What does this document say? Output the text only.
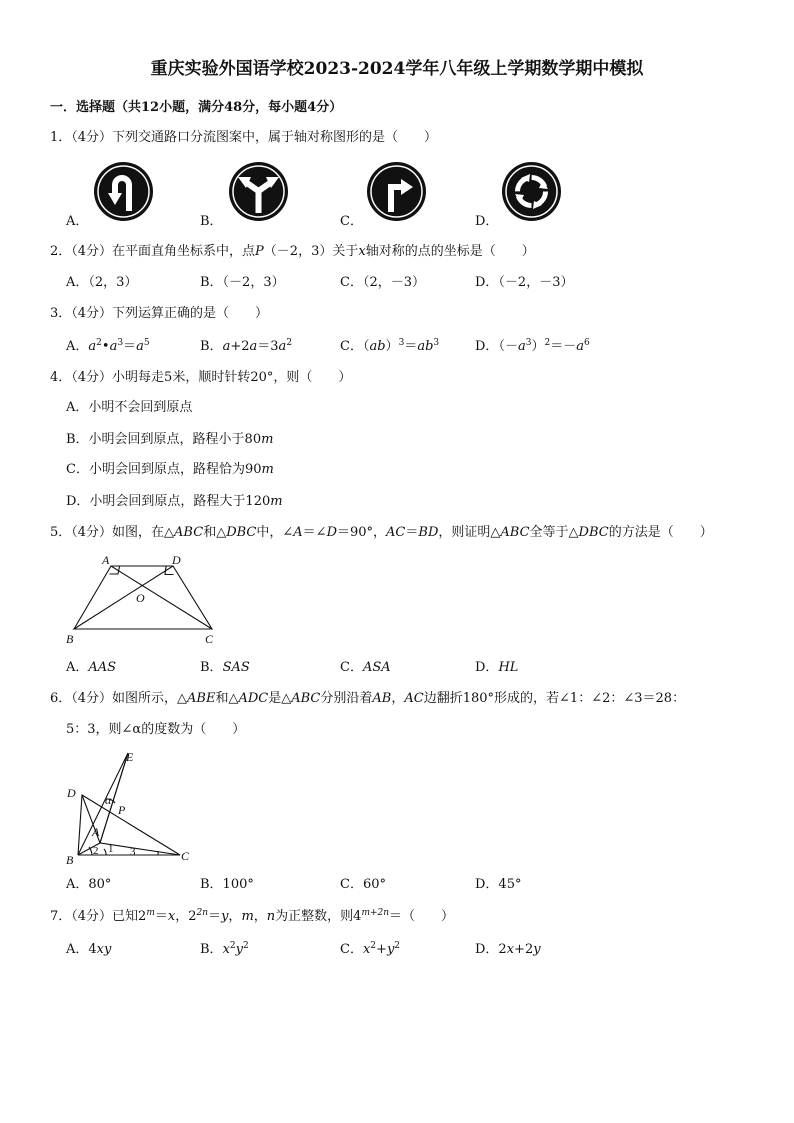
重庆实验外国语学校2023-2024学年八年级上学期数学期中模拟
一．选择题（共12小题，满分48分，每小题4分）
1．（4分）下列交通路口分流图案中，属于轴对称图形的是（　　）
A．	B．	C．	D．
2．（4分）在平面直角坐标系中，点P（－2，3）关于x轴对称的点的坐标是（　　）
A．（2，3）	B．（－2，3）	C．（2，－3）	D．（－2，－3）
3．（4分）下列运算正确的是（　　）
A．$a^2•a^3=a^5$	B．$a+2a=3a^2$	C．$(ab)^3=ab^3$	D．$(-a^3)^2=-a^6$
4．（4分）小明每走5米，顺时针转20°，则（　　）
A．小明不会回到原点
B．小明会回到原点，路程小于80m
C．小明会回到原点，路程恰为90m
D．小明会回到原点，路程大于120m
5．（4分）如图，在△ABC和△DBC中，∠A＝∠D＝90°，AC＝BD，则证明△ABC全等于△DBC的方法是（　　）
A	D
O
B	C
A．AAS	B．SAS	C．ASA	D．HL
6．（4分）如图所示，△ABE和△ADC是△ABC分别沿着AB，AC边翻折180°形成的，若∠1：∠2：∠3＝28：
5：3，则∠α的度数为（　　）
E
D α
P
A
2 1 3
B	C
A．80°	B．100°	C．60°	D．45°
7．（4分）已知$2^m=x$，$2^{2n}=y$，m，n为正整数，则$4^{m+2n}=$（　　）
A．4xy	B．$x^2y^2$	C．$x^2+y^2$	D．2x+2y
